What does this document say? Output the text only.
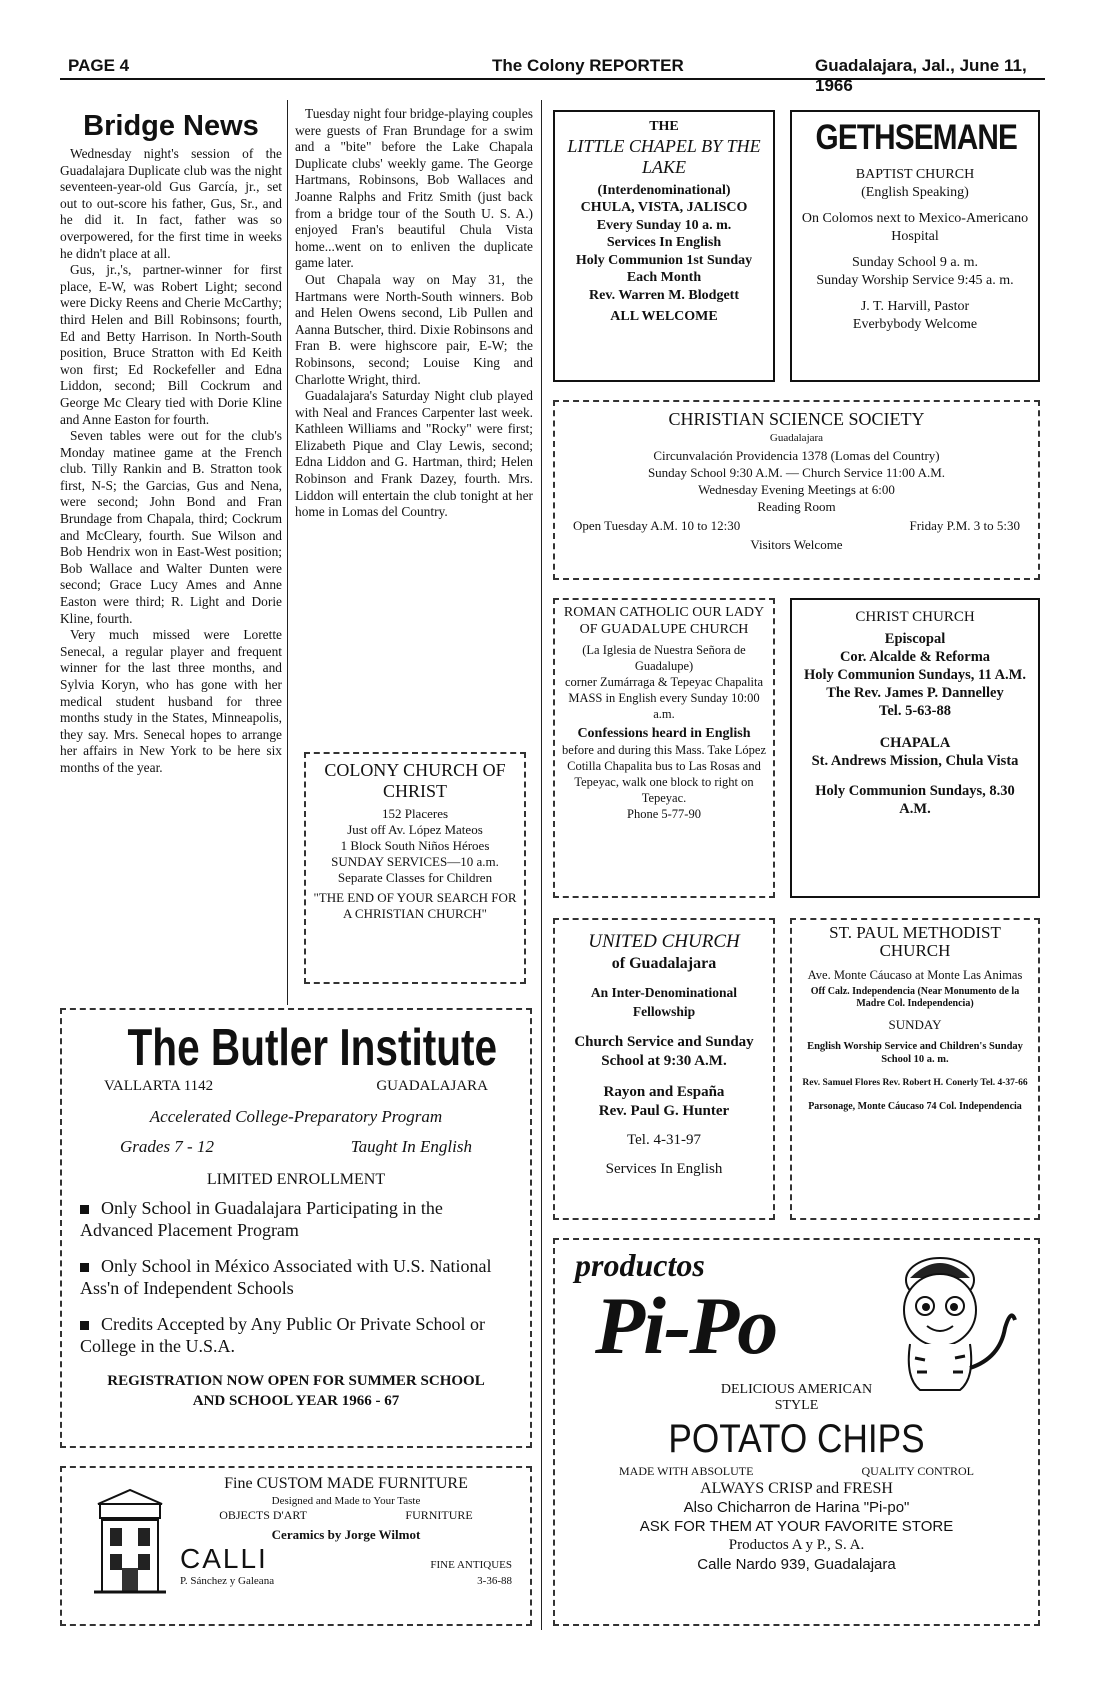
PAGE 4	The Colony REPORTER	Guadalajara, Jal., June 11, 1966
Bridge News

Wednesday night's session of the Guadalajara Duplicate club was the night seventeen-year-old Gus García, jr., set out to out-score his father, Gus, Sr., and he did it. In fact, father was so overpowered, for the first time in weeks he didn't place at all.

Gus, jr.,'s, partner-winner for first place, E-W, was Robert Light; second were Dicky Reens and Cherie McCarthy; third Helen and Bill Robinsons; fourth, Ed and Betty Harrison. In North-South position, Bruce Stratton with Ed Keith won first; Ed Rockefeller and Edna Liddon, second; Bill Cockrum and George Mc Cleary tied with Dorie Kline and Anne Easton for fourth.

Seven tables were out for the club's Monday matinee game at the French club. Tilly Rankin and B. Stratton took first, N-S; the Garcias, Gus and Nena, were second; John Bond and Fran Brundage from Chapala, third; Cockrum and McCleary, fourth. Sue Wilson and Bob Hendrix won in East-West position; Bob Wallace and Walter Dunten were second; Grace Lucy Ames and Anne Easton were third; R. Light and Dorie Kline, fourth.

Very much missed were Lorette Senecal, a regular player and frequent winner for the last three months, and Sylvia Koryn, who has gone with her medical student husband for three months study in the States, Minneapolis, they say. Mrs. Senecal hopes to arrange her affairs in New York to be here six months of the year.

Tuesday night four bridge-playing couples were guests of Fran Brundage for a swim and a "bite" before the Lake Chapala Duplicate clubs' weekly game. The George Hartmans, Robinsons, Bob Wallaces and Joanne Ralphs and Fritz Smith (just back from a bridge tour of the South U. S. A.) enjoyed Fran's beautiful Chula Vista home...went on to enliven the duplicate game later.

Out Chapala way on May 31, the Hartmans were North-South winners. Bob and Helen Owens second, Lib Pullen and Aanna Butscher, third. Dixie Robinsons and Fran B. were highscore pair, E-W; the Robinsons, second; Louise King and Charlotte Wright, third.

Guadalajara's Saturday Night club played with Neal and Frances Carpenter last week. Kathleen Williams and "Rocky" were first; Elizabeth Pique and Clay Lewis, second; Edna Liddon and G. Hartman, third; Helen Robinson and Frank Dazey, fourth. Mrs. Liddon will entertain the club tonight at her home in Lomas del Country.

COLONY CHURCH OF CHRIST
152 Placeres
Just off Av. López Mateos
1 Block South Niños Héroes
SUNDAY SERVICES—10 a.m.
Separate Classes for Children
"THE END OF YOUR SEARCH FOR A CHRISTIAN CHURCH"
THE
LITTLE CHAPEL BY THE LAKE
(Interdenominational)
CHULA, VISTA, JALISCO
Every Sunday 10 a. m.
Services In English
Holy Communion 1st Sunday Each Month
Rev. Warren M. Blodgett
ALL WELCOME
GETHSEMANE
BAPTIST CHURCH
(English Speaking)
On Colomos next to Mexico-Americano Hospital
Sunday School 9 a. m.
Sunday Worship Service 9:45 a. m.
J. T. Harvill, Pastor
Everbybody Welcome
CHRISTIAN SCIENCE SOCIETY
Guadalajara
Circunvalación Providencia 1378 (Lomas del Country)
Sunday School 9:30 A.M. — Church Service 11:00 A.M.
Wednesday Evening Meetings at 6:00
Reading Room
Open Tuesday A.M. 10 to 12:30	Friday P.M. 3 to 5:30
Visitors Welcome
ROMAN CATHOLIC OUR LADY OF GUADALUPE CHURCH
(La Iglesia de Nuestra Señora de Guadalupe)
corner Zumárraga & Tepeyac Chapalita
MASS in English every Sunday 10:00 a.m.
Confessions heard in English
before and during this Mass. Take López Cotilla Chapalita bus to Las Rosas and Tepeyac, walk one block to right on Tepeyac.
Phone 5-77-90
CHRIST CHURCH
Episcopal
Cor. Alcalde & Reforma
Holy Communion Sundays, 11 A.M.
The Rev. James P. Dannelley
Tel. 5-63-88
CHAPALA
St. Andrews Mission, Chula Vista
Holy Communion Sundays, 8.30 A.M.
UNITED CHURCH
of Guadalajara
An Inter-Denominational Fellowship
Church Service and Sunday School at 9:30 A.M.
Rayon and España
Rev. Paul G. Hunter
Tel. 4-31-97
Services In English
ST. PAUL METHODIST CHURCH
Ave. Monte Cáucaso at Monte Las Animas
Off Calz. Independencia (Near Monumento de la Madre Col. Independencia)
SUNDAY
English Worship Service and Children's Sunday School 10 a. m.
Rev. Samuel Flores Rev. Robert H. Conerly Tel. 4-37-66
Parsonage, Monte Cáucaso 74 Col. Independencia
The Butler Institute
VALLARTA 1142	GUADALAJARA
Accelerated College-Preparatory Program
Grades 7 - 12	Taught In English
LIMITED ENROLLMENT
Only School in Guadalajara Participating in the Advanced Placement Program
Only School in México Associated with U.S. National Ass'n of Independent Schools
Credits Accepted by Any Public Or Private School or College in the U.S.A.
REGISTRATION NOW OPEN FOR SUMMER SCHOOL AND SCHOOL YEAR 1966 - 67
Fine CUSTOM MADE FURNITURE
Designed and Made to Your Taste
OBJECTS D'ART	FURNITURE
Ceramics by Jorge Wilmot
CALLI	FINE ANTIQUES
P. Sánchez y Galeana	3-36-88
productos
Pi-Po
DELICIOUS AMERICAN STYLE
POTATO CHIPS
MADE WITH ABSOLUTE	QUALITY CONTROL
ALWAYS CRISP and FRESH
Also Chicharron de Harina "Pi-po"
ASK FOR THEM AT YOUR FAVORITE STORE
Productos A y P., S. A.
Calle Nardo 939, Guadalajara
